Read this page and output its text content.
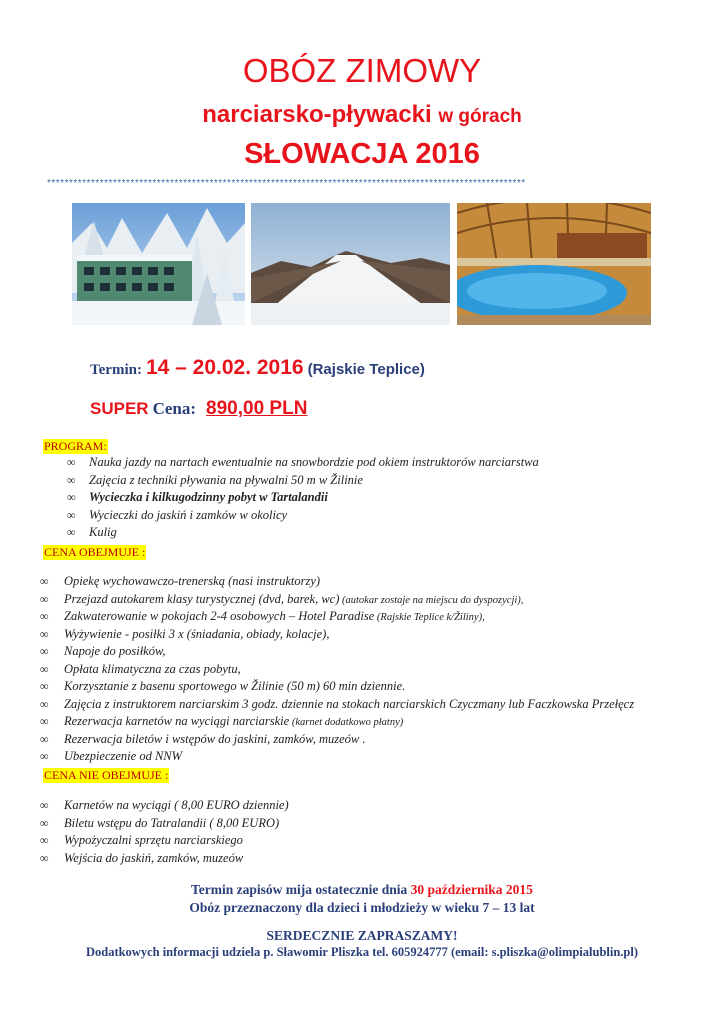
OBÓZ ZIMOWY
narciarsko-pływacki w górach
SŁOWACJA 2016
*************************************************************************************************************
Termin: 14 – 20.02. 2016 (Rajskie Teplice)
SUPER Cena: 890,00 PLN
PROGRAM:
∞ Nauka jazdy na nartach ewentualnie na snowbordzie pod okiem instruktorów narciarstwa
∞ Zajęcia z techniki pływania na pływalni 50 m w Žilinie
∞ Wycieczka i kilkugodzinny pobyt w Tartalandii
∞ Wycieczki do jaskiń i zamków w okolicy
∞ Kulig
CENA OBEJMUJE :
∞ Opiekę wychowawczo-trenerską (nasi instruktorzy)
∞ Przejazd autokarem klasy turystycznej (dvd, barek, wc) (autokar zostaje na miejscu do dyspozycji),
∞ Zakwaterowanie w pokojach 2-4 osobowych – Hotel Paradise (Rajskie Teplice k/Žiliny),
∞ Wyżywienie - posiłki 3 x (śniadania, obiady, kolacje),
∞ Napoje do posiłków,
∞ Opłata klimatyczna za czas pobytu,
∞ Korzysztanie z basenu sportowego w Žilinie (50 m) 60 min dziennie.
∞ Zajęcia z instruktorem narciarskim 3 godz. dziennie na stokach narciarskich Czyczmany lub Faczkowska Przełęcz
∞ Rezerwacja karnetów na wyciągi narciarskie (karnet dodatkowo płatny)
∞ Rezerwacja biletów i wstępów do jaskini, zamków, muzeów .
∞ Ubezpieczenie od NNW
CENA NIE OBEJMUJE :
∞ Karnetów na wyciągi ( 8,00 EURO dziennie)
∞ Biletu wstępu do Tatralandii ( 8,00 EURO)
∞ Wypożyczalni sprzętu narciarskiego
∞ Wejścia do jaskiń, zamków, muzeów
Termin zapisów mija ostatecznie dnia 30 października 2015
Obóz przeznaczony dla dzieci i młodzieży w wieku 7 – 13 lat
SERDECZNIE ZAPRASZAMY!
Dodatkowych informacji udziela p. Sławomir Pliszka tel. 605924777 (email: s.pliszka@olimpialublin.pl)
